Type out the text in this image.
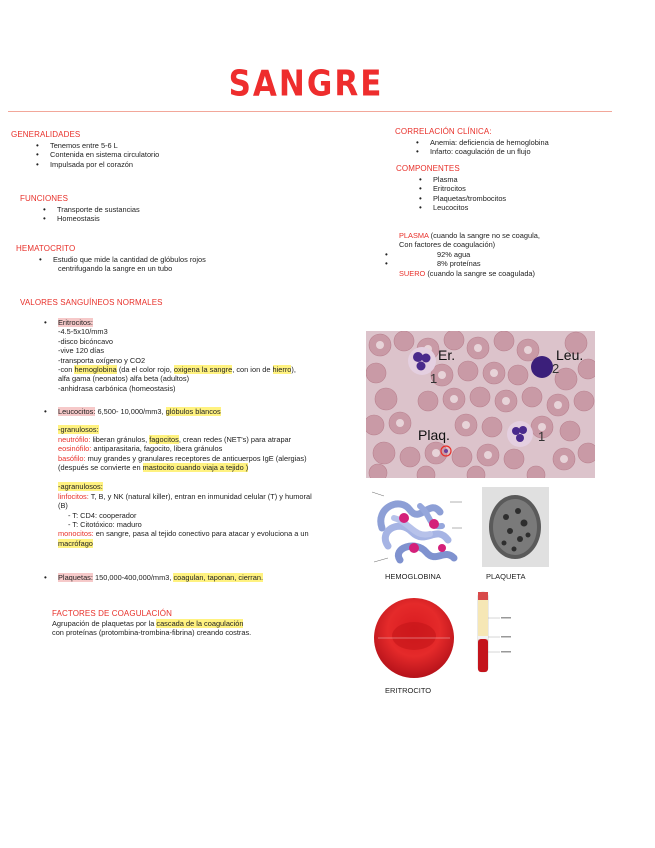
SANGRE
GENERALIDADES
• Tenemos entre 5-6 L
• Contenida en sistema circulatorio
• Impulsada por el corazón
FUNCIONES
• Transporte de sustancias
• Homeostasis
HEMATOCRITO
• Estudio que mide la cantidad de glóbulos rojos
centrifugando la sangre en un tubo
VALORES SANGUÍNEOS NORMALES
• Eritrocitos:
-4.5-5x10/mm3
-disco bicóncavo
-vive 120 días
-transporta oxígeno y CO2
-con hemoglobina (da el color rojo, oxigena la sangre, con ion de hierro),
alfa gama (neonatos) alfa beta (adultos)
-anhidrasa carbónica (homeostasis)
• Leucocitos: 6,500- 10,000/mm3, glóbulos blancos
-granulosos:
neutrófilo: liberan gránulos, fagocitos, crean redes (NET's) para atrapar
eosinófilo: antiparasitaria, fagocito, libera gránulos
basófilo: muy grandes y granulares receptores de anticuerpos IgE (alergias)
(después se convierte en mastocito cuando viaja a tejido )
-agranulosos:
linfocitos: T, B, y NK (natural killer), entran en inmunidad celular (T) y humoral
(B)
- T: CD4: cooperador
- T: Citotóxico: maduro
monocitos: en sangre, pasa al tejido conectivo para atacar y evoluciona a un
macrófago
• Plaquetas: 150,000-400,000/mm3, coagulan, taponan, cierran.
FACTORES DE COAGULACIÓN
Agrupación de plaquetas por la cascada de la coagulación
con proteínas (protombina-trombina-fibrina) creando costras.
CORRELACIÓN CLÍNICA:
• Anemia: deficiencia de hemoglobina
• Infarto: coagulación de un flujo
COMPONENTES
• Plasma
• Eritrocitos
• Plaquetas/trombocitos
• Leucocitos
PLASMA (cuando la sangre no se coagula,
Con factores de coagulación)
• 92% agua
• 8% proteínas
SUERO (cuando la sangre se coagulada)
Er.	Leu.
Plaq.
1
2
1
HEMOGLOBINA	PLAQUETA
ERITROCITO
